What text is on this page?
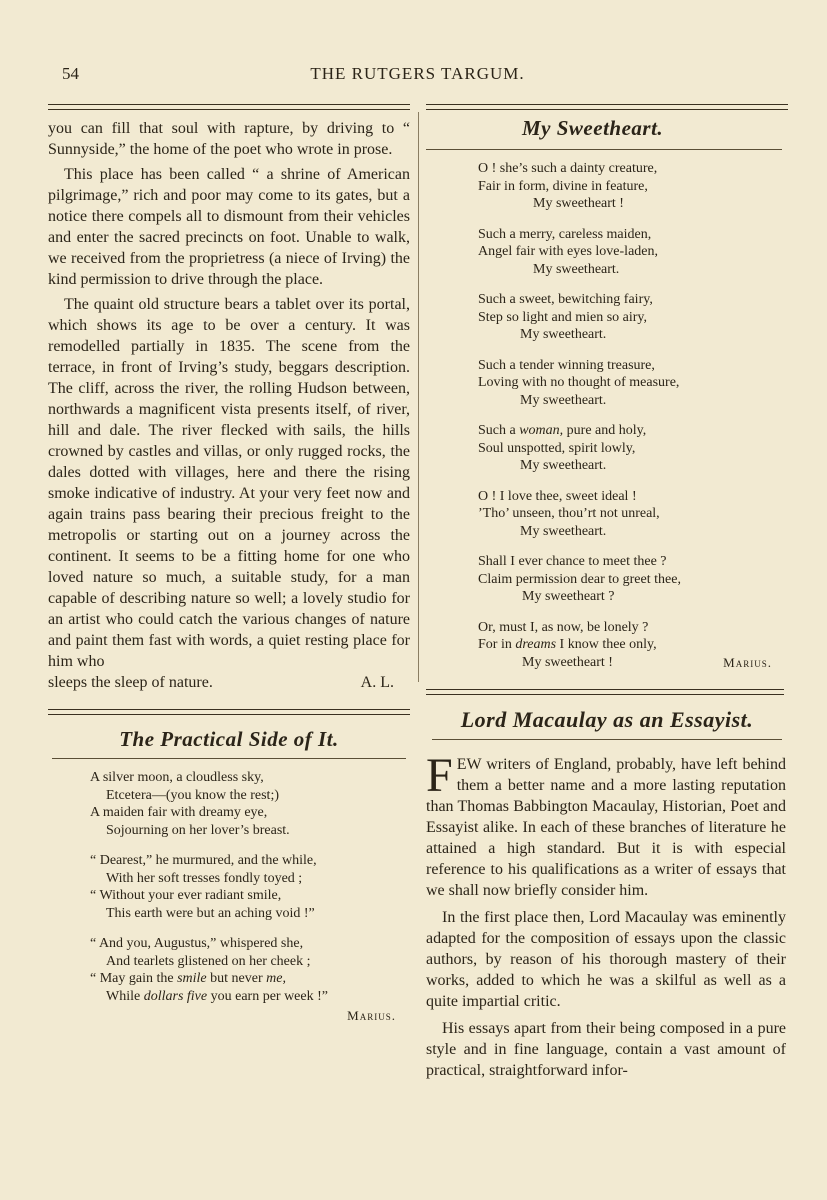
54	THE RUTGERS TARGUM.

you can fill that soul with rapture, by driving to “ Sunnyside,” the home of the poet who wrote in prose.

This place has been called “ a shrine of American pilgrimage,” rich and poor may come to its gates, but a notice there compels all to dismount from their vehicles and enter the sacred precincts on foot. Unable to walk, we received from the proprietress (a niece of Irving) the kind permission to drive through the place.

The quaint old structure bears a tablet over its portal, which shows its age to be over a century. It was remodelled partially in 1835. The scene from the terrace, in front of Irving’s study, beggars description. The cliff, across the river, the rolling Hudson between, northwards a magnificent vista presents itself, of river, hill and dale. The river flecked with sails, the hills crowned by castles and villas, or only rugged rocks, the dales dotted with villages, here and there the rising smoke indicative of industry. At your very feet now and again trains pass bearing their precious freight to the metropolis or starting out on a journey across the continent. It seems to be a fitting home for one who loved nature so much, a suitable study, for a man capable of describing nature so well; a lovely studio for an artist who could catch the various changes of nature and paint them fast with words, a quiet resting place for him who

sleeps the sleep of nature.	A. L.

The Practical Side of It.
A silver moon, a cloudless sky,
Etcetera—(you know the rest;)
A maiden fair with dreamy eye,
Sojourning on her lover’s breast.
“ Dearest,” he murmured, and the while,
With her soft tresses fondly toyed ;
“ Without your ever radiant smile,
This earth were but an aching void !”
“ And you, Augustus,” whispered she,
And tearlets glistened on her cheek ;
“ May gain the smile but never me,
While dollars five you earn per week !”
Marius.
My Sweetheart.
O ! she’s such a dainty creature,
Fair in form, divine in feature,
My sweetheart !
Such a merry, careless maiden,
Angel fair with eyes love-laden,
My sweetheart.
Such a sweet, bewitching fairy,
Step so light and mien so airy,
My sweetheart.
Such a tender winning treasure,
Loving with no thought of measure,
My sweetheart.
Such a woman, pure and holy,
Soul unspotted, spirit lowly,
My sweetheart.
O ! I love thee, sweet ideal !
’Tho’ unseen, thou’rt not unreal,
My sweetheart.
Shall I ever chance to meet thee ?
Claim permission dear to greet thee,
My sweetheart ?
Or, must I, as now, be lonely ?
For in dreams I know thee only,
My sweetheart !	Marius.
Lord Macaulay as an Essayist.

FEW writers of England, probably, have left behind them a better name and a more lasting reputation than Thomas Babbington Macaulay, Historian, Poet and Essayist alike. In each of these branches of literature he attained a high standard. But it is with especial reference to his qualifications as a writer of essays that we shall now briefly consider him.

In the first place then, Lord Macaulay was eminently adapted for the composition of essays upon the classic authors, by reason of his thorough mastery of their works, added to which he was a skilful as well as a quite impartial critic.

His essays apart from their being composed in a pure style and in fine language, contain a vast amount of practical, straightforward infor-
